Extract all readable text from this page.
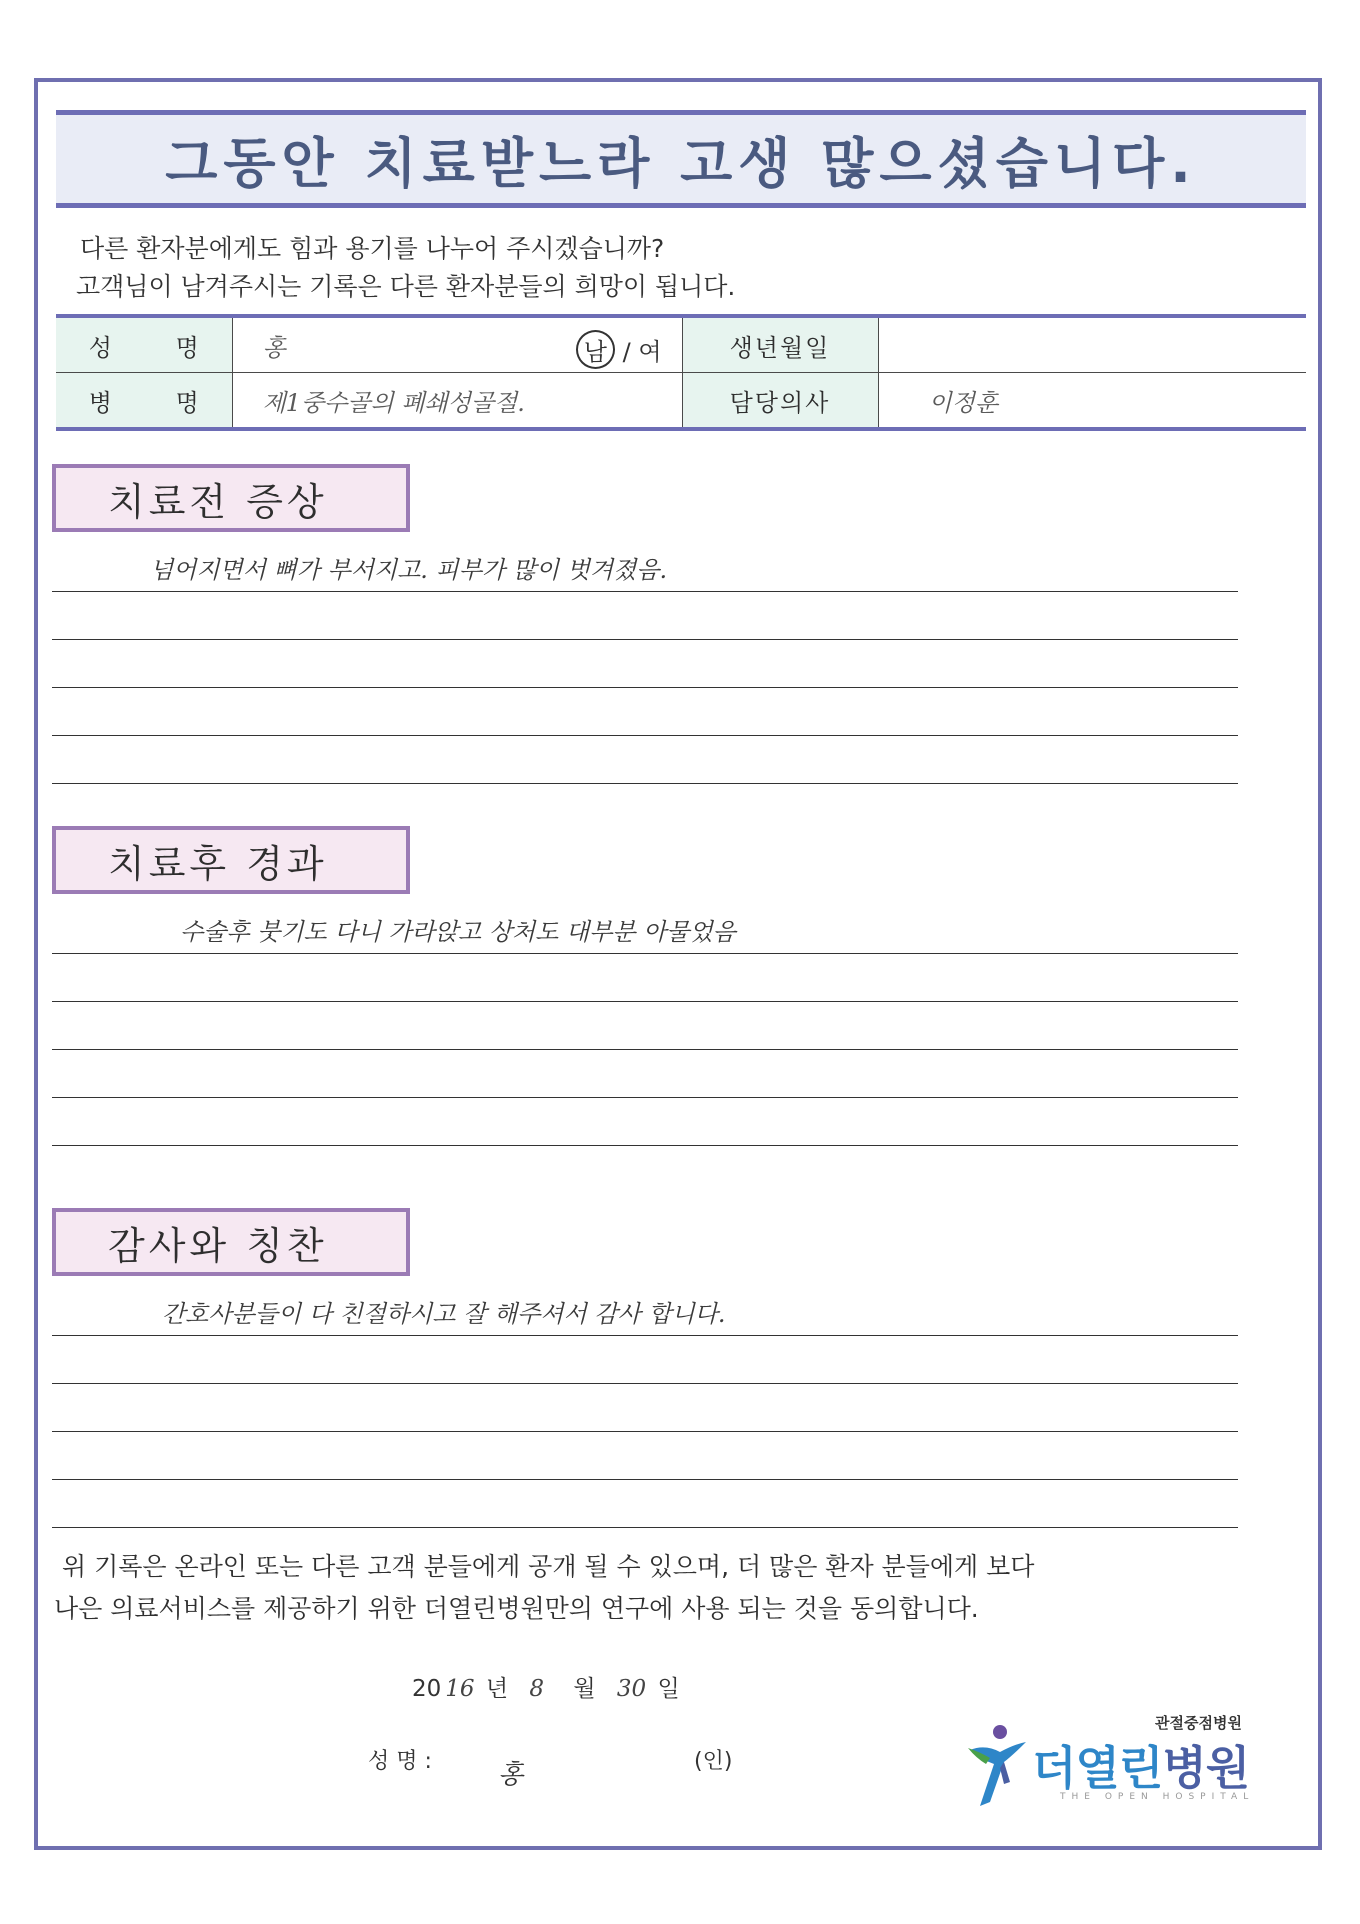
그동안 치료받느라 고생 많으셨습니다.
다른 환자분에게도 힘과 용기를 나누어 주시겠습니까?
고객님이 남겨주시는 기록은 다른 환자분들의 희망이 됩니다.
성 명	홍 남 / 여	생년월일	
병 명	제1중수골의 폐쇄성골절.	담당의사	이정훈
치료전 증상
넘어지면서 뼈가 부서지고. 피부가 많이 벗겨졌음.
치료후 경과
수술후 붓기도 다니 가라앉고 상처도 대부분 아물었음
감사와 칭찬
간호사분들이 다 친절하시고 잘 해주셔서 감사 합니다.
위 기록은 온라인 또는 다른 고객 분들에게 공개 될 수 있으며, 더 많은 환자 분들에게 보다
나은 의료서비스를 제공하기 위한 더열린병원만의 연구에 사용 되는 것을 동의합니다.
20 16 년 8 월 30 일
성 명 :	홍	(인)
관절중점병원
더열린병원
THE OPEN HOSPITAL
